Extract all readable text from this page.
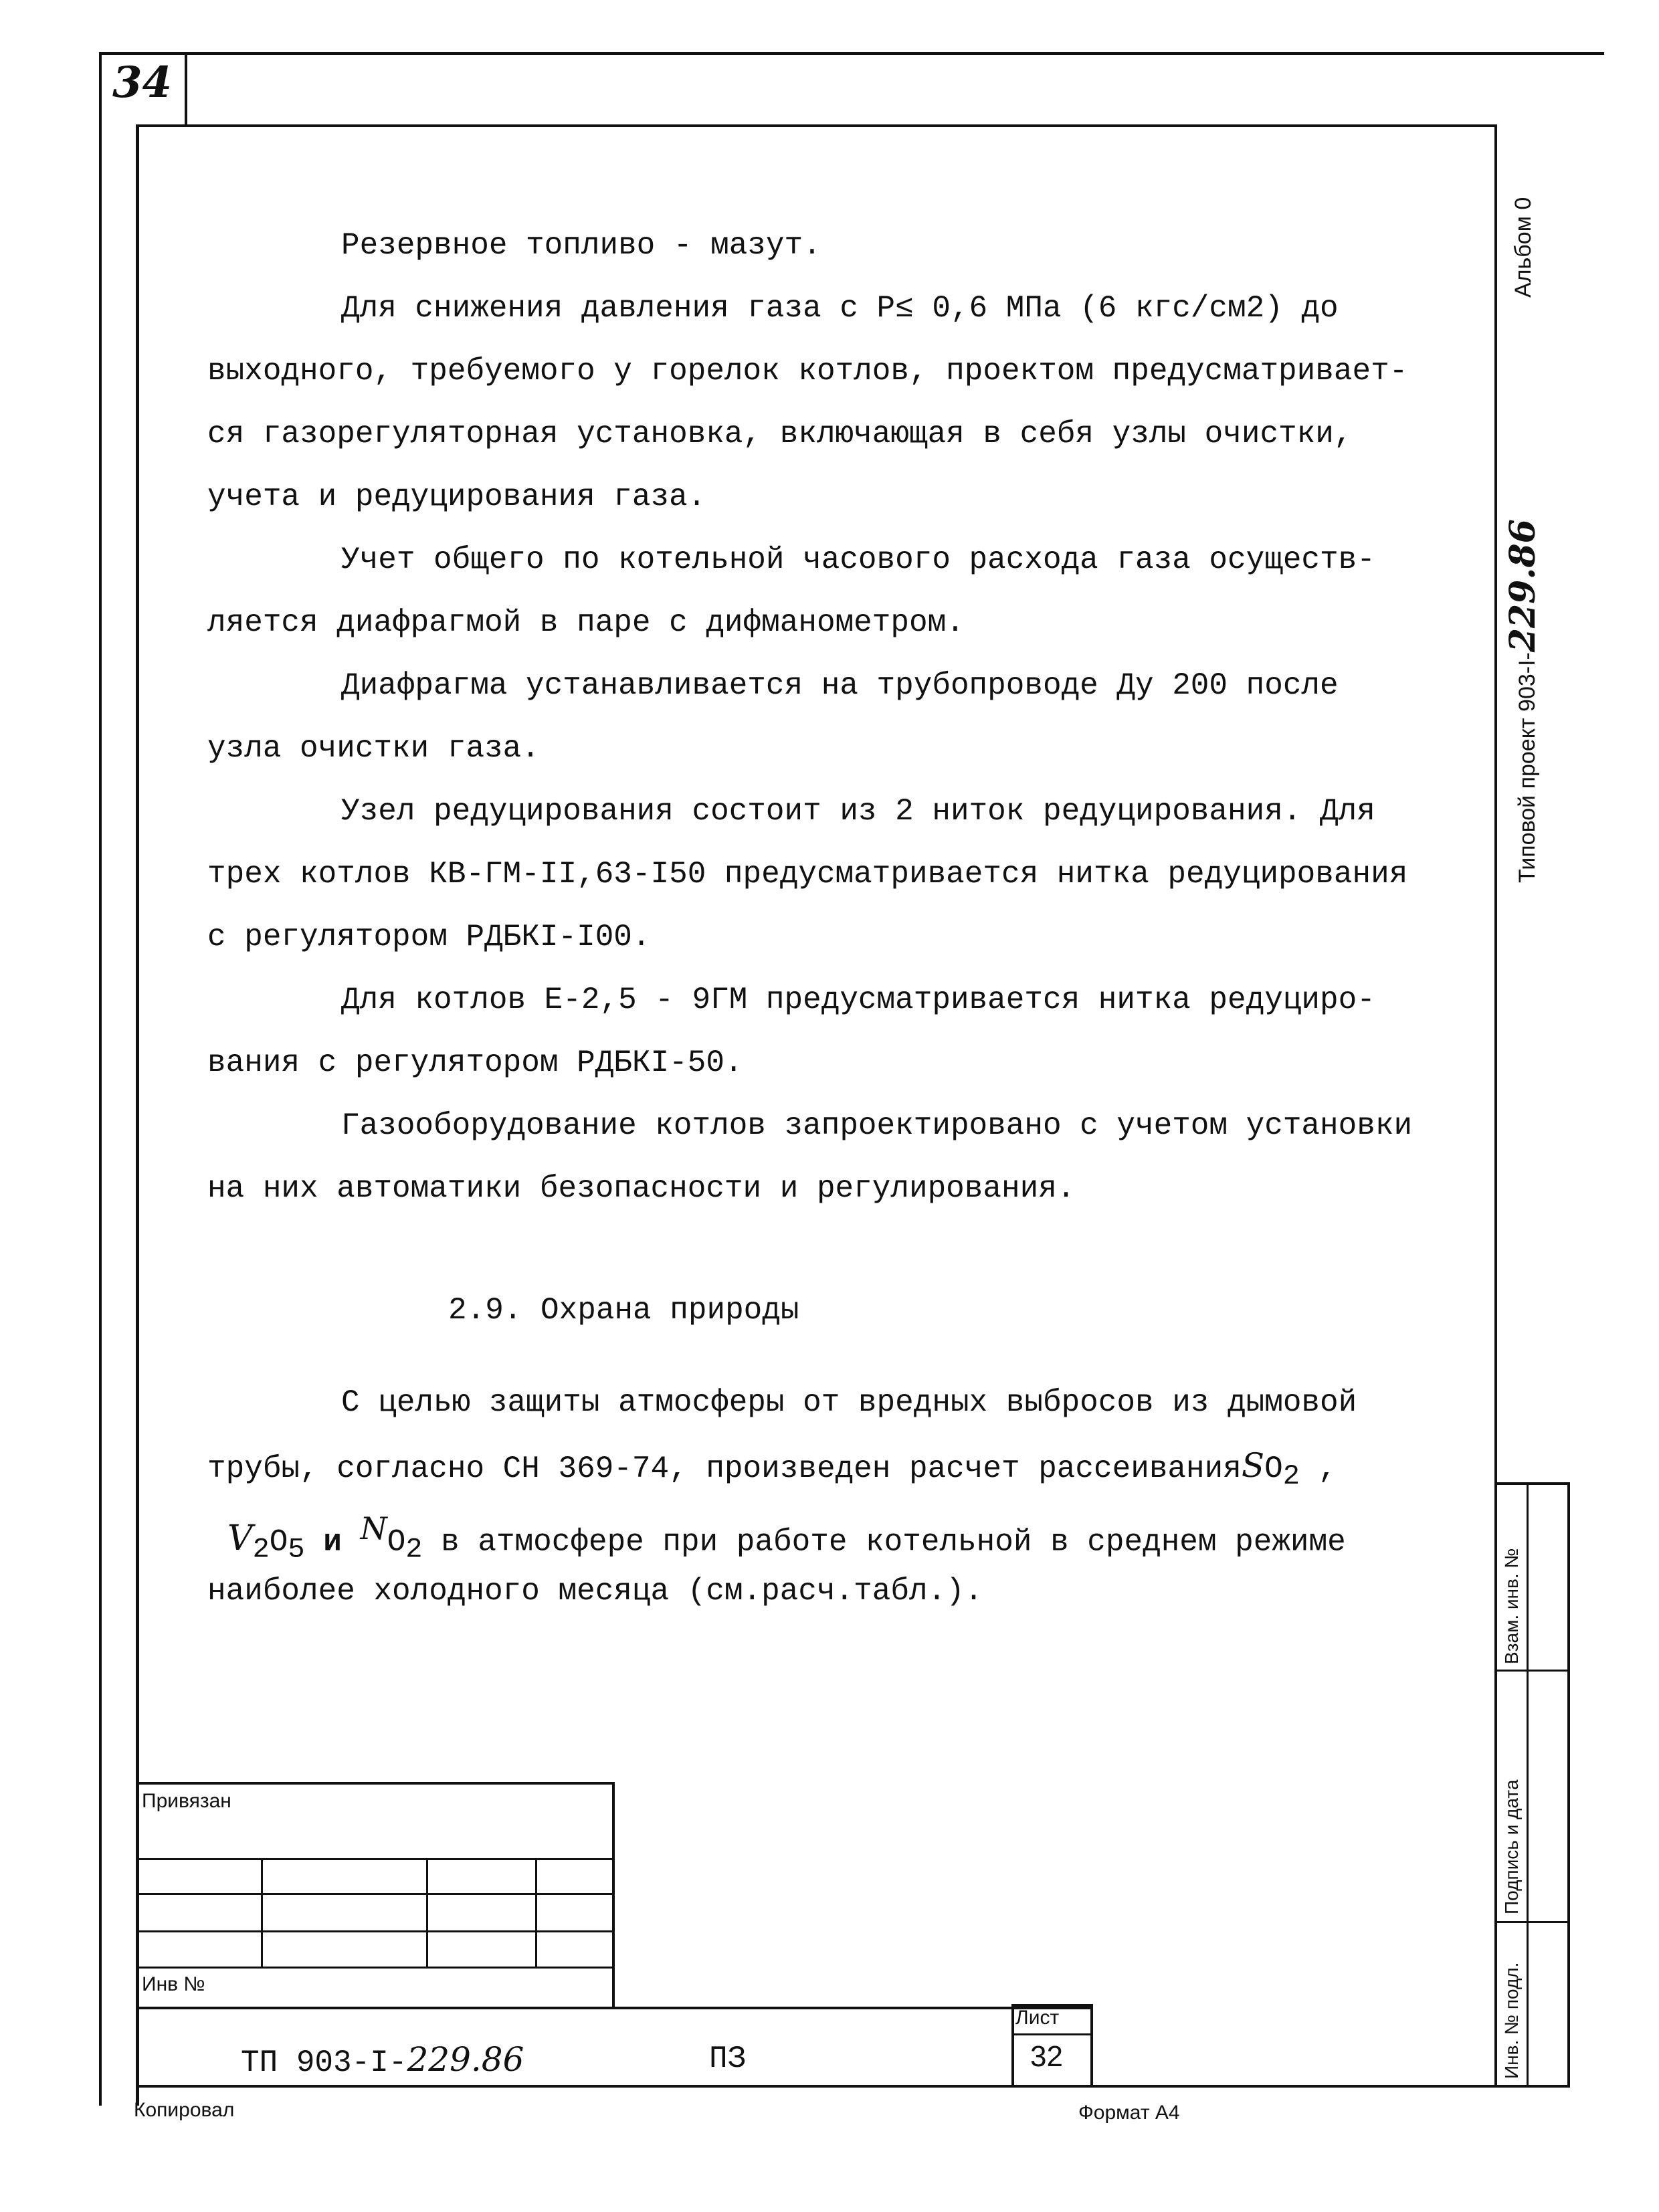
34
Альбом 0
Типовой проект 903-I-229.86
Резервное топливо - мазут.
Для снижения давления газа с Р≤ 0,6 МПа (6 кгс/см2) до
выходного, требуемого у горелок котлов, проектом предусматривает-
ся газорегуляторная установка, включающая в себя узлы очистки,
учета и редуцирования газа.
Учет общего по котельной часового расхода газа осуществ-
ляется диафрагмой в паре с дифманометром.
Диафрагма устанавливается на трубопроводе Ду 200 после
узла очистки газа.
Узел редуцирования состоит из 2 ниток редуцирования. Для
трех котлов КВ-ГМ-II,63-I50 предусматривается нитка редуцирования
с регулятором РДБКI-I00.
Для котлов Е-2,5 - 9ГМ предусматривается нитка редуциро-
вания с регулятором РДБКI-50.
Газооборудование котлов запроектировано с учетом установки
на них автоматики безопасности и регулирования.
2.9. Охрана природы
С целью защиты атмосферы от вредных выбросов из дымовой
трубы, согласно СН 369-74, произведен расчет рассеиванияSO$_2$ ,
$V_2O_5$ и $^NO_2$ в атмосфере при работе котельной в среднем режиме
наиболее холодного месяца (см.расч.табл.).
Привязан
Инв №
ТП 903-I-229.86	ПЗ
Лист
32
Взам. инв. №
Подпись и дата
Инв. № подл.
Копировал	Формат А4
